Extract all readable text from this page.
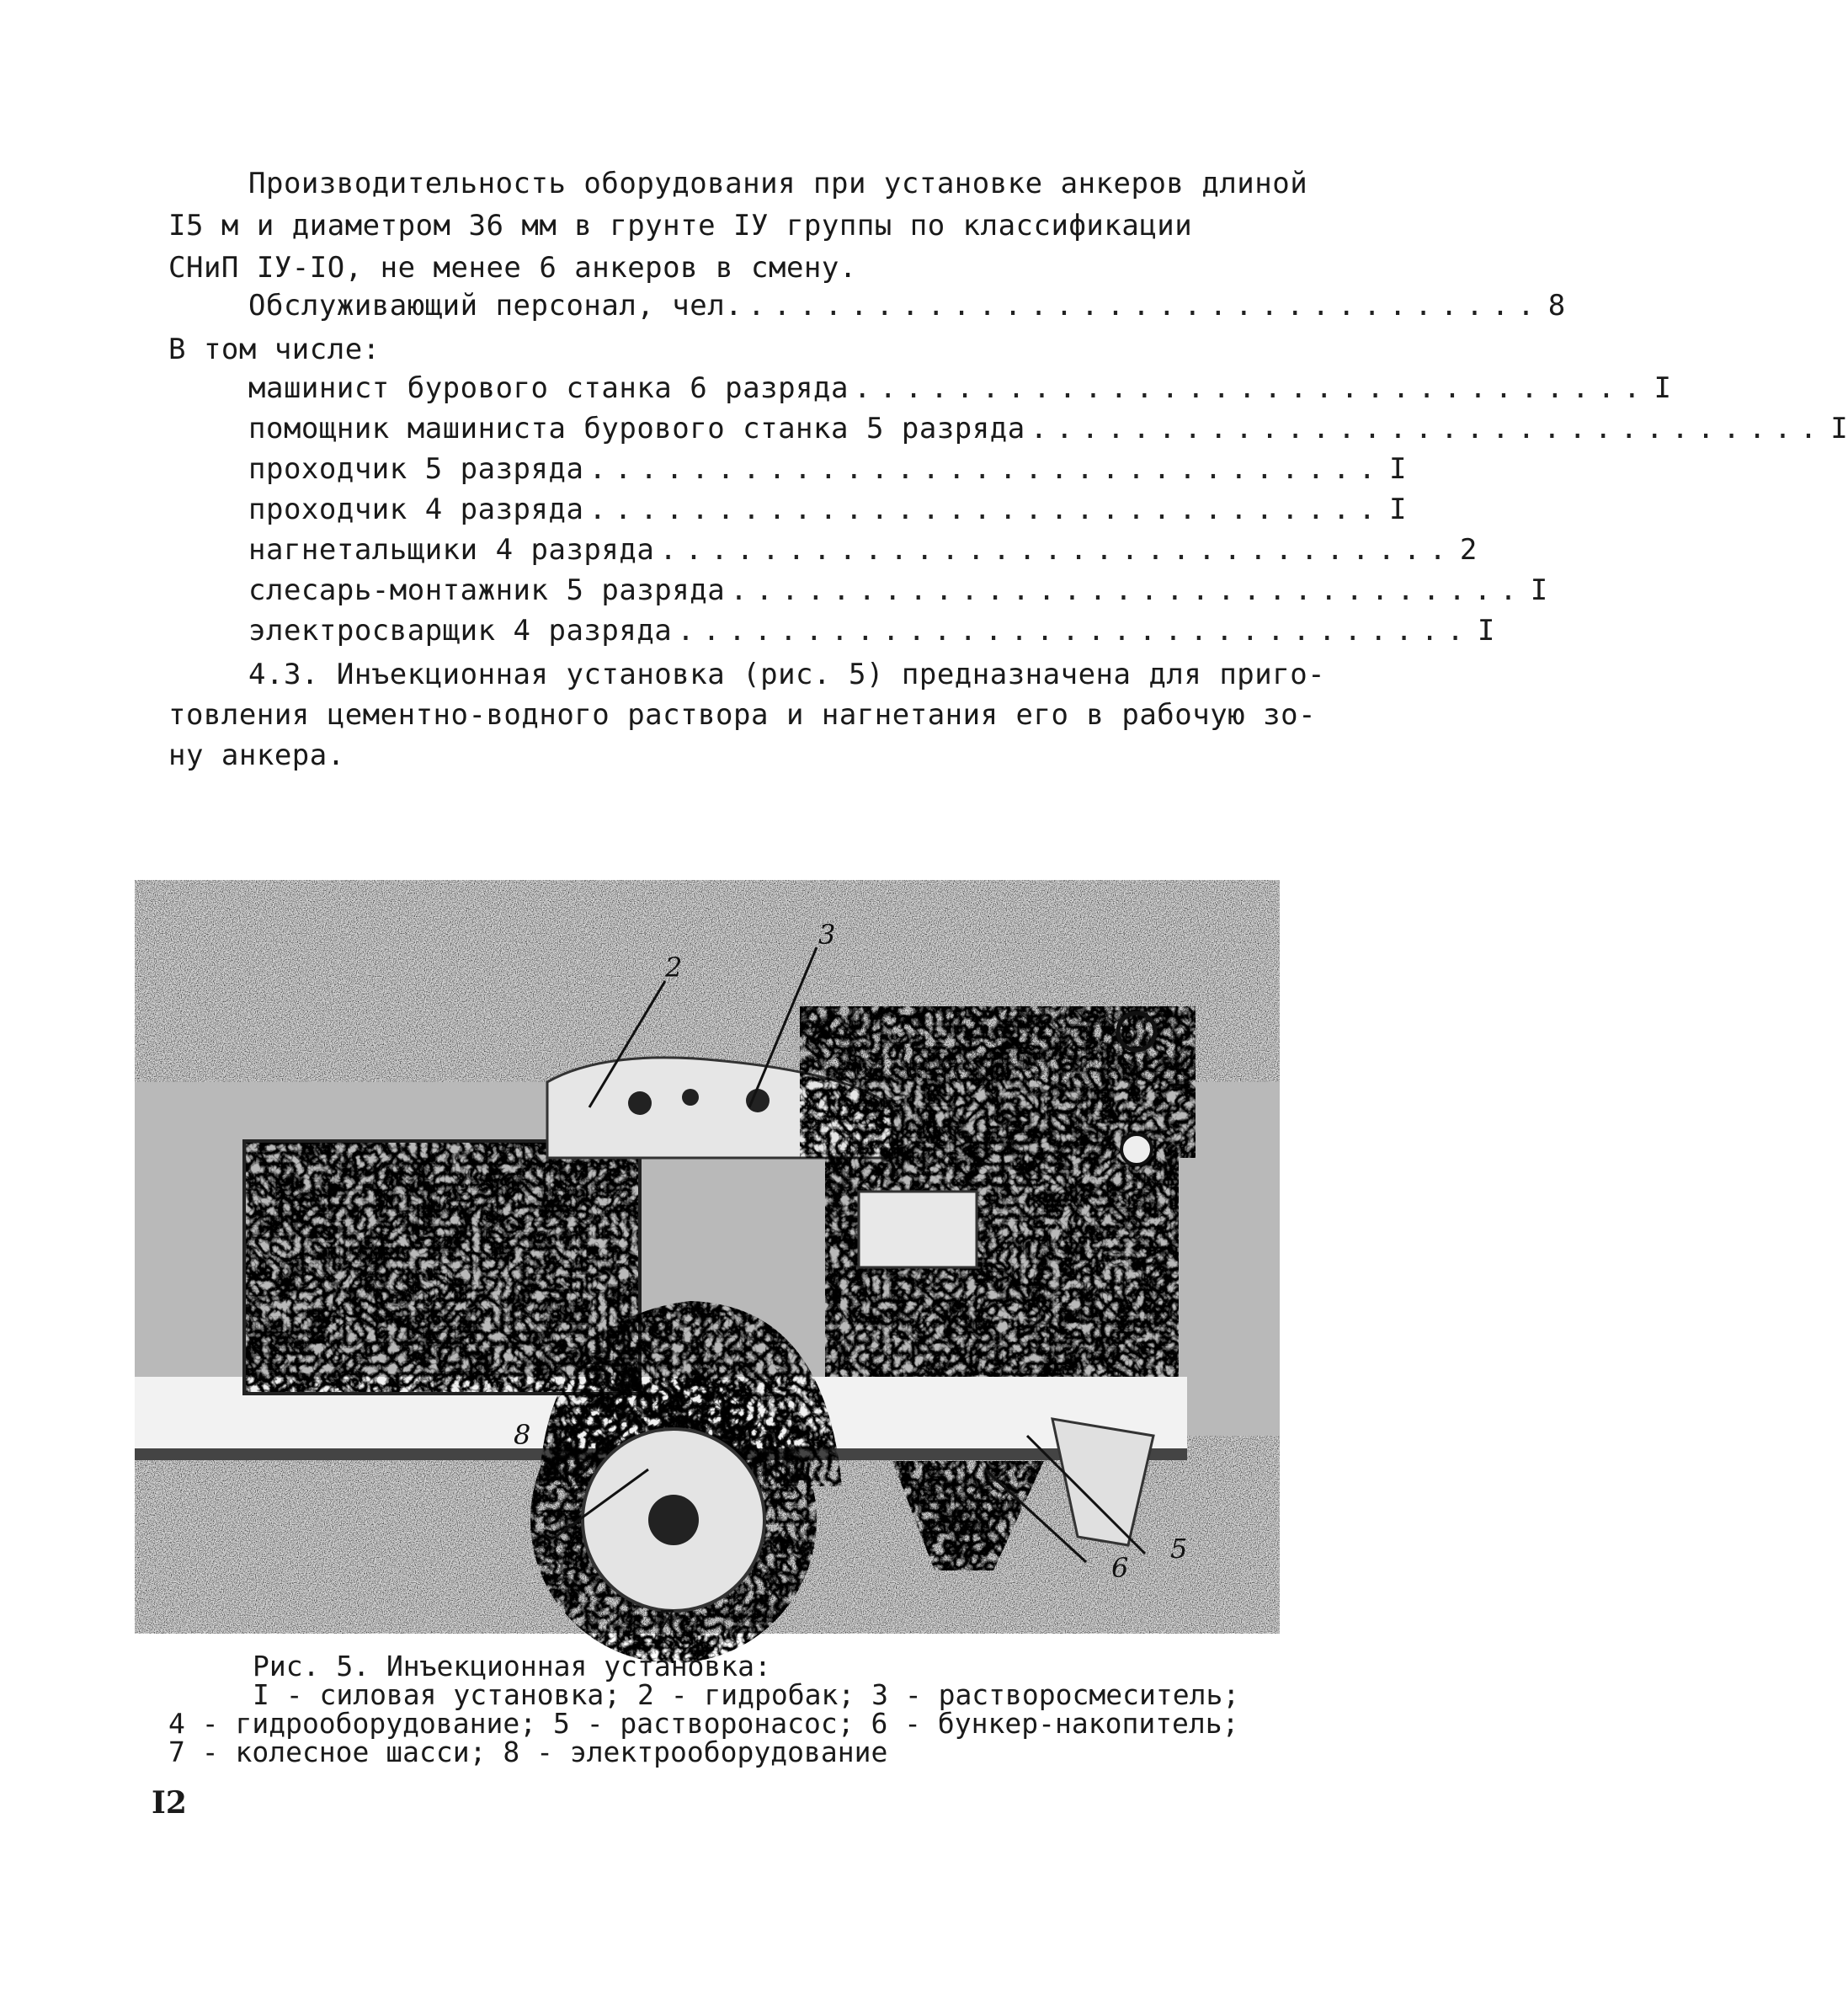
Производительность оборудования при установке анкеров длиной
I5 м и диаметром 36 мм в грунте IУ группы по классификации
СНиП IУ-IО, не менее 6 анкеров в смену.
Обслуживающий персонал, чел. ............................... 8
В том числе:
машинист бурового станка 6 разряда ............................... I
помощник машиниста бурового станка 5 разряда ............................... I
проходчик 5 разряда ............................... I
проходчик 4 разряда ............................... I
нагнетальщики 4 разряда ............................... 2
слесарь-монтажник 5 разряда ............................... I
электросварщик 4 разряда ............................... I
4.3. Инъекционная установка (рис. 5) предназначена для приго-
товления цементно-водного раствора и нагнетания его в рабочую зо-
ну анкера.
2
3
8
7
6
5
Рис. 5. Инъекционная установка:
I - силовая установка; 2 - гидробак; 3 - растворосмеситель;
4 - гидрооборудование; 5 - растворонасос; 6 - бункер-накопитель;
7 - колесное шасси; 8 - электрооборудование
I2
